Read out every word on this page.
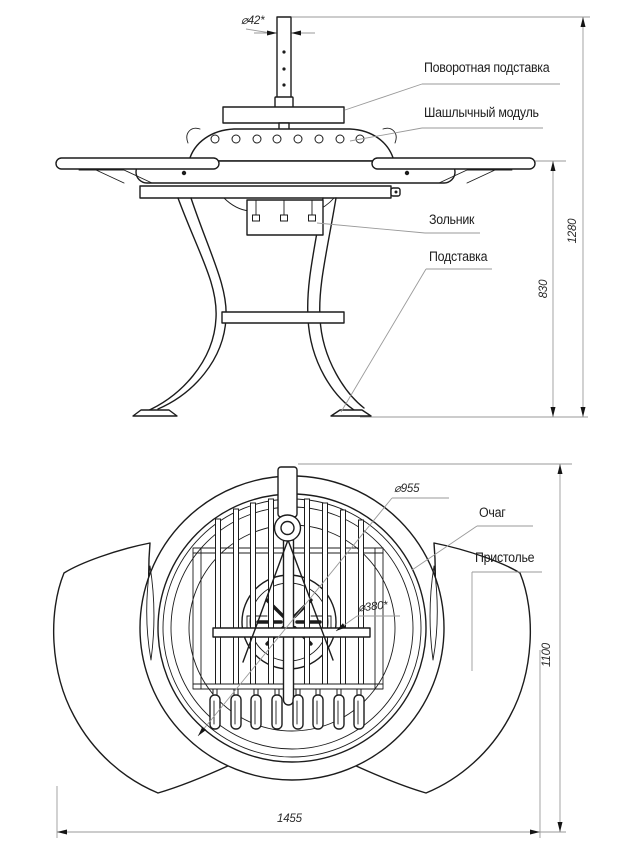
⌀42*
Поворотная подставка
Шашлычный модуль
Зольник
Подставка
1280
830
⌀955
Очаг
Пристолье
⌀380*
1100
1455
